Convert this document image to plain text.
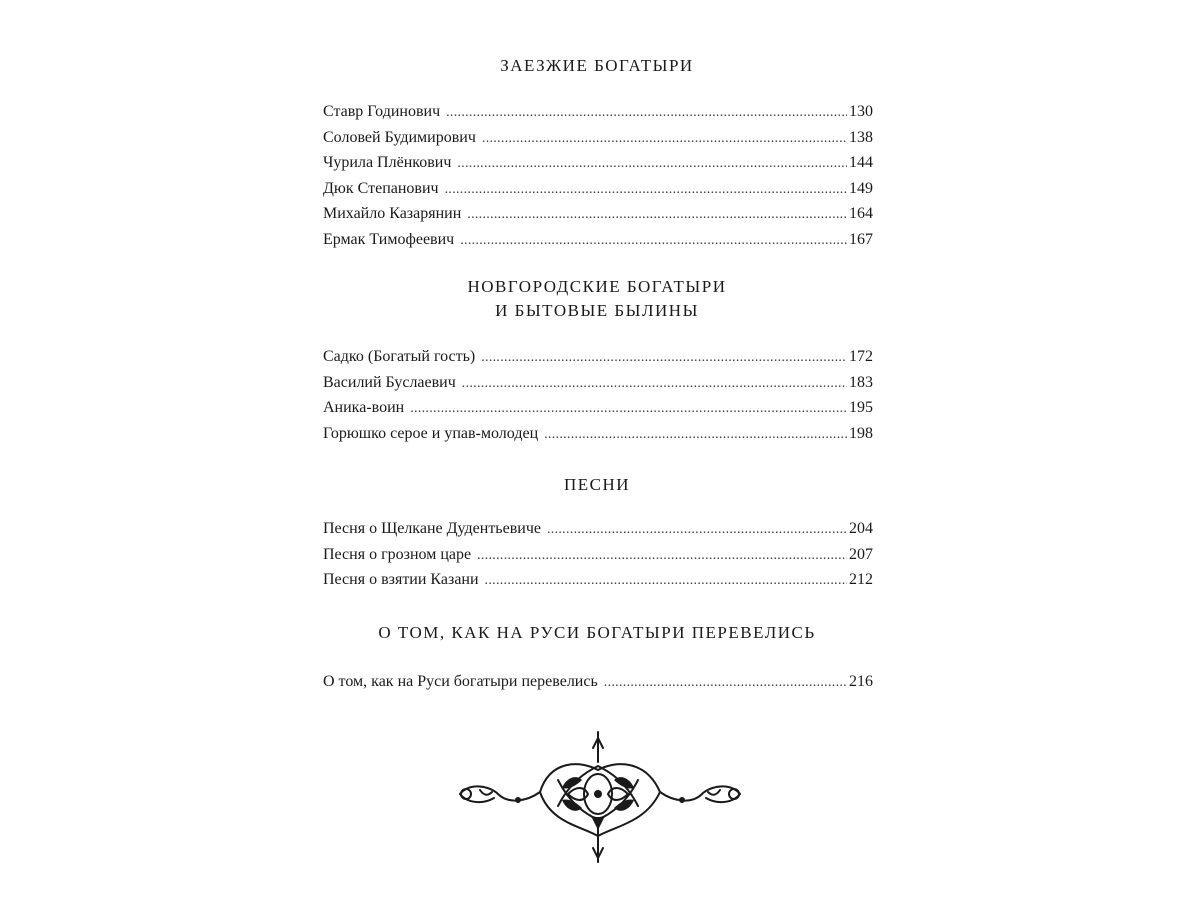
ЗАЕЗЖИЕ БОГАТЫРИ
Ставр Годинович . . .	130
Соловей Будимирович . . .	138
Чурила Плёнкович . . .	144
Дюк Степанович . . .	149
Михайло Казарянин . . .	164
Ермак Тимофеевич . . .	167
НОВГОРОДСКИЕ БОГАТЫРИ
И БЫТОВЫЕ БЫЛИНЫ
Садко (Богатый гость) . . .	172
Василий Буслаевич . . .	183
Аника-воин . . .	195
Горюшко серое и упав-молодец . . .	198
ПЕСНИ
Песня о Щелкане Дудентьевиче . . .	204
Песня о грозном царе . . .	207
Песня о взятии Казани . . .	212
О ТОМ, КАК НА РУСИ БОГАТЫРИ ПЕРЕВЕЛИСЬ
О том, как на Руси богатыри перевелись . . .	216
